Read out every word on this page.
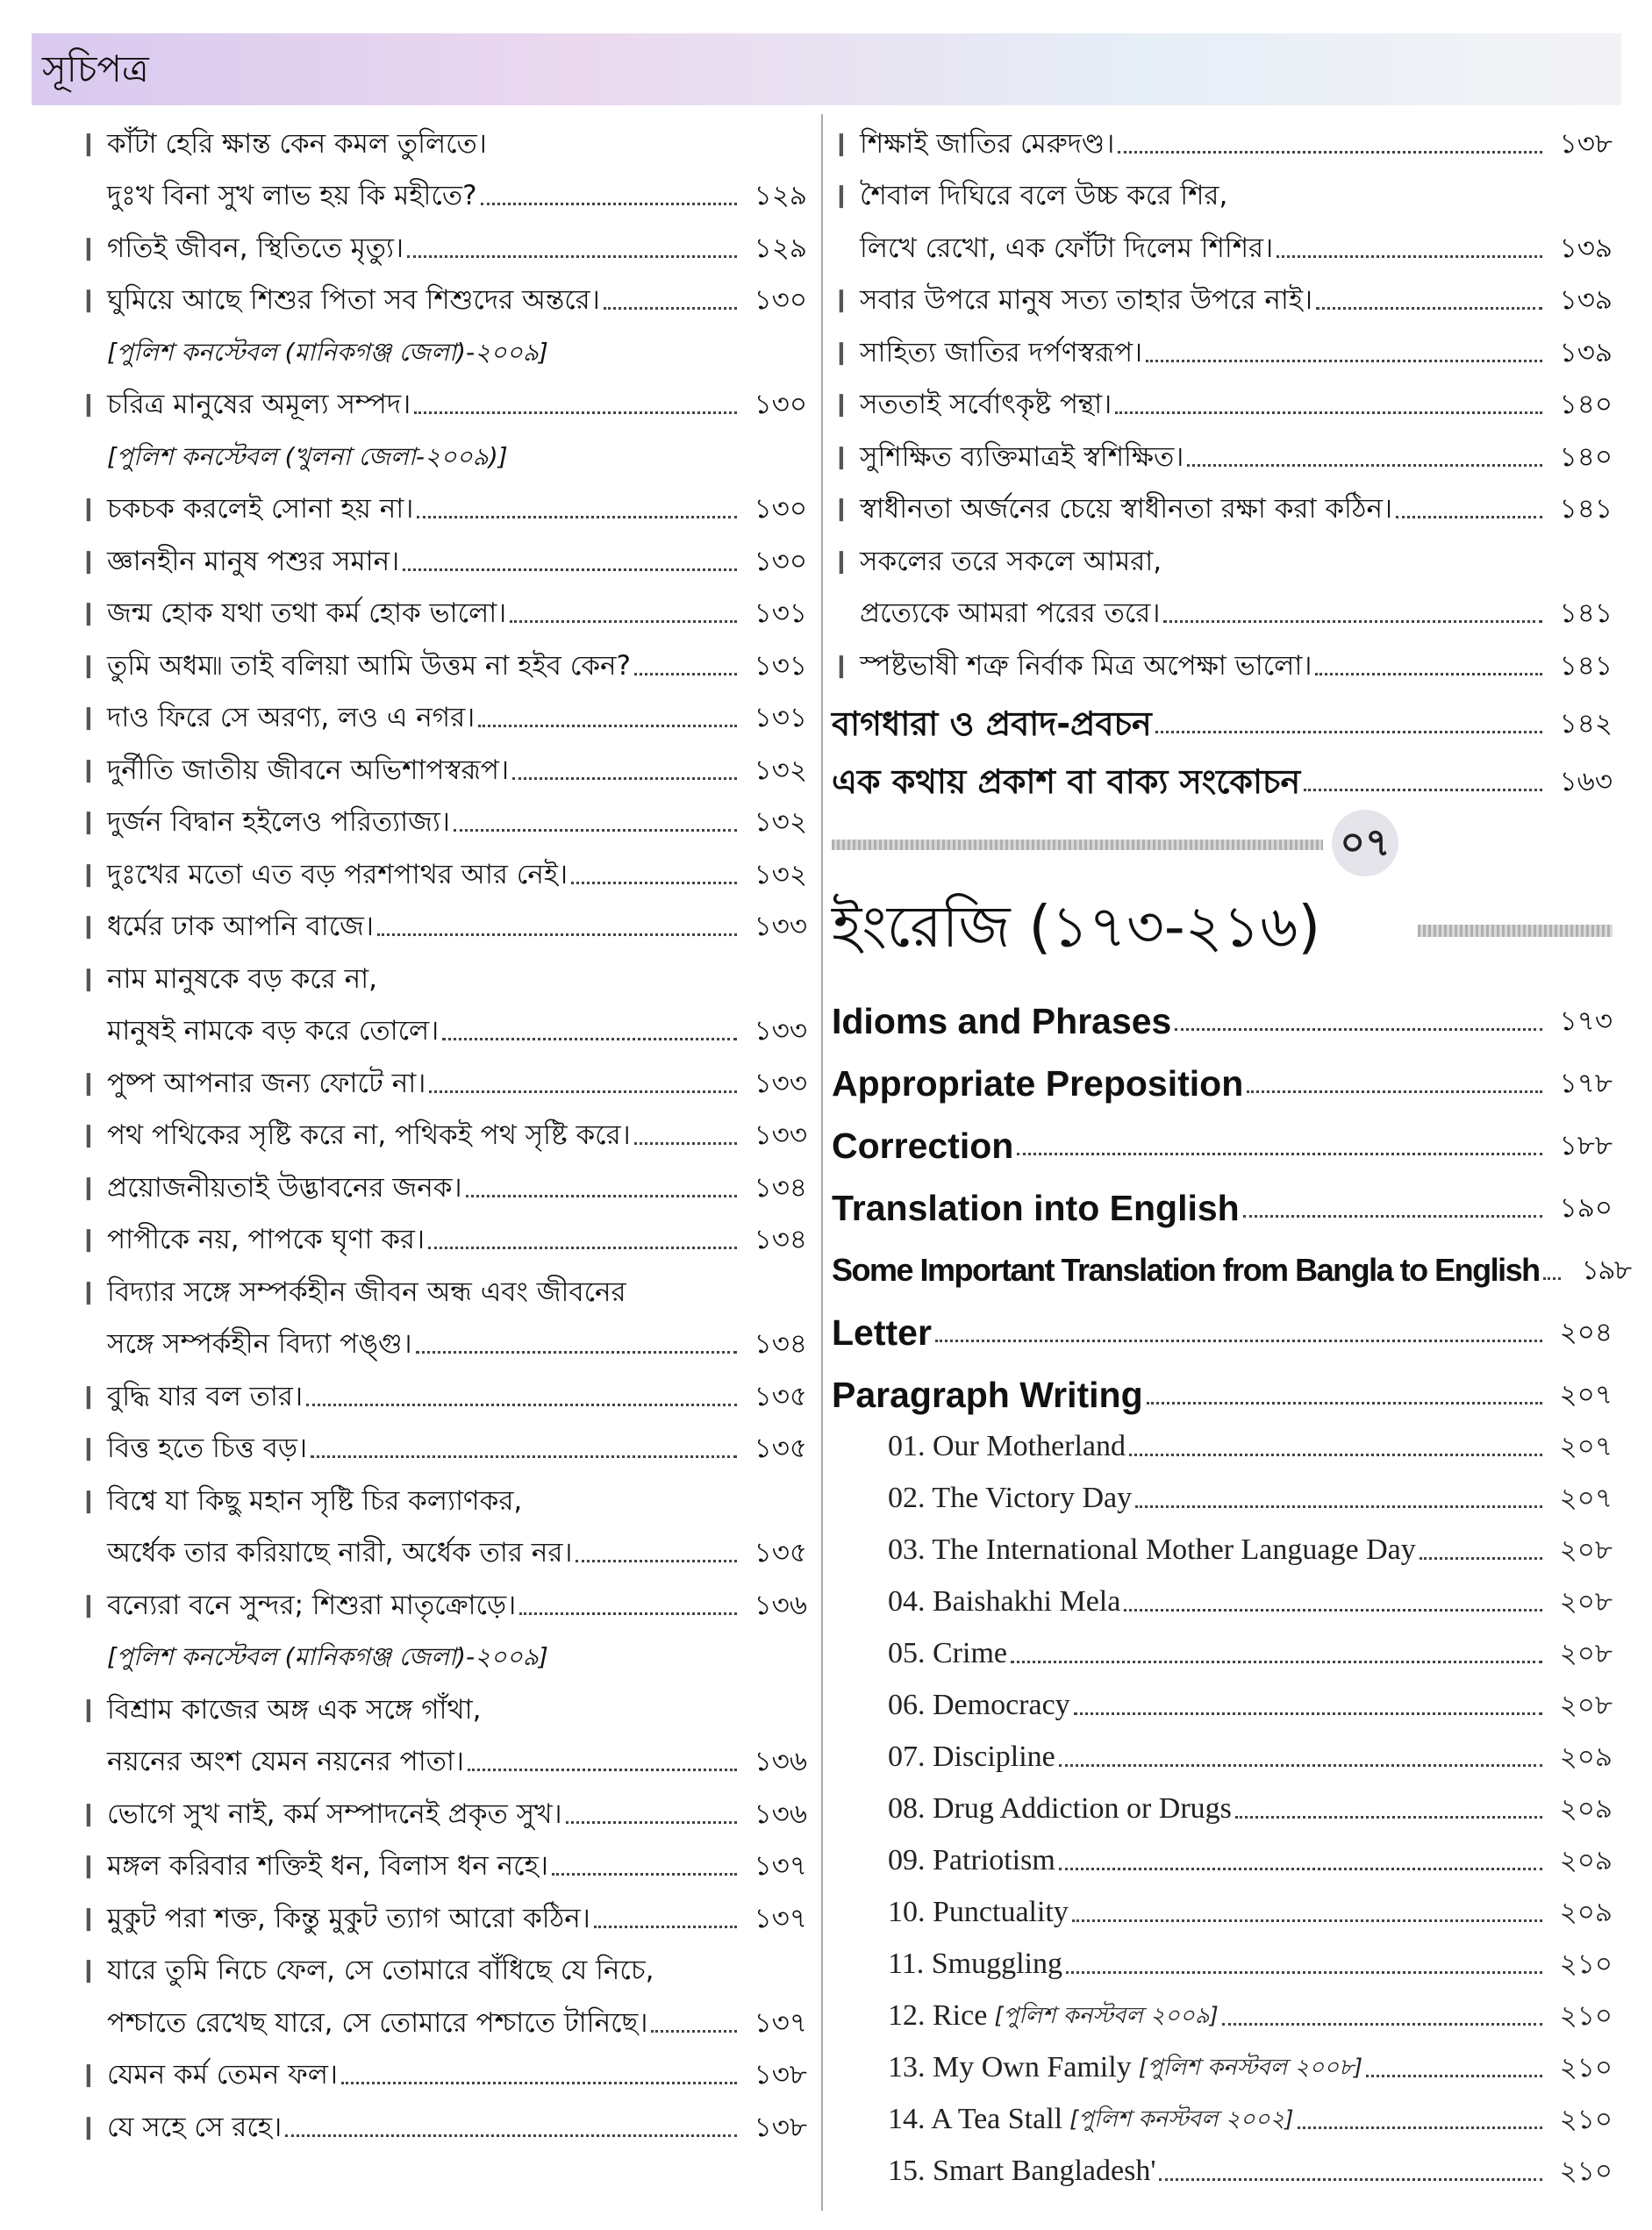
সূচিপত্র
❙ কাঁটা হেরি ক্ষান্ত কেন কমল তুলিতে।
দুঃখ বিনা সুখ লাভ হয় কি মহীতে?	১২৯
❙ গতিই জীবন, স্থিতিতে মৃত্যু।	১২৯
❙ ঘুমিয়ে আছে শিশুর পিতা সব শিশুদের অন্তরে।	১৩০
[পুলিশ কনস্টেবল (মানিকগঞ্জ জেলা)-২০০৯]
❙ চরিত্র মানুষের অমূল্য সম্পদ।	১৩০
[পুলিশ কনস্টেবল (খুলনা জেলা-২০০৯)]
❙ চকচক করলেই সোনা হয় না।	১৩০
❙ জ্ঞানহীন মানুষ পশুর সমান।	১৩০
❙ জন্ম হোক যথা তথা কর্ম হোক ভালো।	১৩১
❙ তুমি অধম৷৷ তাই বলিয়া আমি উত্তম না হইব কেন?	১৩১
❙ দাও ফিরে সে অরণ্য, লও এ নগর।	১৩১
❙ দুর্নীতি জাতীয় জীবনে অভিশাপস্বরূপ।	১৩২
❙ দুর্জন বিদ্বান হইলেও পরিত্যাজ্য।	১৩২
❙ দুঃখের মতো এত বড় পরশপাথর আর নেই।	১৩২
❙ ধর্মের ঢাক আপনি বাজে।	১৩৩
❙ নাম মানুষকে বড় করে না,
মানুষই নামকে বড় করে তোলে।	১৩৩
❙ পুষ্প আপনার জন্য ফোটে না।	১৩৩
❙ পথ পথিকের সৃষ্টি করে না, পথিকই পথ সৃষ্টি করে।	১৩৩
❙ প্রয়োজনীয়তাই উদ্ভাবনের জনক।	১৩৪
❙ পাপীকে নয়, পাপকে ঘৃণা কর।	১৩৪
❙ বিদ্যার সঙ্গে সম্পর্কহীন জীবন অন্ধ এবং জীবনের
সঙ্গে সম্পর্কহীন বিদ্যা পঙ্গু।	১৩৪
❙ বুদ্ধি যার বল তার।	১৩৫
❙ বিত্ত হতে চিত্ত বড়।	১৩৫
❙ বিশ্বে যা কিছু মহান সৃষ্টি চির কল্যাণকর,
অর্ধেক তার করিয়াছে নারী, অর্ধেক তার নর।	১৩৫
❙ বন্যেরা বনে সুন্দর; শিশুরা মাতৃক্রোড়ে।	১৩৬
[পুলিশ কনস্টেবল (মানিকগঞ্জ জেলা)-২০০৯]
❙ বিশ্রাম কাজের অঙ্গ এক সঙ্গে গাঁথা,
নয়নের অংশ যেমন নয়নের পাতা।	১৩৬
❙ ভোগে সুখ নাই, কর্ম সম্পাদনেই প্রকৃত সুখ।	১৩৬
❙ মঙ্গল করিবার শক্তিই ধন, বিলাস ধন নহে।	১৩৭
❙ মুকুট পরা শক্ত, কিন্তু মুকুট ত্যাগ আরো কঠিন।	১৩৭
❙ যারে তুমি নিচে ফেল, সে তোমারে বাঁধিছে যে নিচে,
পশ্চাতে রেখেছ যারে, সে তোমারে পশ্চাতে টানিছে।	১৩৭
❙ যেমন কর্ম তেমন ফল।	১৩৮
❙ যে সহে সে রহে।	১৩৮
❙ শিক্ষাই জাতির মেরুদণ্ড।	১৩৮
❙ শৈবাল দিঘিরে বলে উচ্চ করে শির,
লিখে রেখো, এক ফোঁটা দিলেম শিশির।	১৩৯
❙ সবার উপরে মানুষ সত্য তাহার উপরে নাই।	১৩৯
❙ সাহিত্য জাতির দর্পণস্বরূপ।	১৩৯
❙ সততাই সর্বোৎকৃষ্ট পন্থা।	১৪০
❙ সুশিক্ষিত ব্যক্তিমাত্রই স্বশিক্ষিত।	১৪০
❙ স্বাধীনতা অর্জনের চেয়ে স্বাধীনতা রক্ষা করা কঠিন।	১৪১
❙ সকলের তরে সকলে আমরা,
প্রত্যেকে আমরা পরের তরে।	১৪১
❙ স্পষ্টভাষী শত্রু নির্বাক মিত্র অপেক্ষা ভালো।	১৪১
বাগধারা ও প্রবাদ-প্রবচন	১৪২
এক কথায় প্রকাশ বা বাক্য সংকোচন	১৬৩
০৭
ইংরেজি (১৭৩-২১৬)
Idioms and Phrases	১৭৩
Appropriate Preposition	১৭৮
Correction	১৮৮
Translation into English	১৯০
Some Important Translation from Bangla to English	১৯৮
Letter	২০৪
Paragraph Writing	২০৭
01. Our Motherland	২০৭
02. The Victory Day	২০৭
03. The International Mother Language Day	২০৮
04. Baishakhi Mela	২০৮
05. Crime	২০৮
06. Democracy	২০৮
07. Discipline	২০৯
08. Drug Addiction or Drugs	২০৯
09. Patriotism	২০৯
10. Punctuality	২০৯
11. Smuggling	২১০
12. Rice [পুলিশ কনস্টবল ২০০৯]	২১০
13. My Own Family [পুলিশ কনস্টবল ২০০৮]	২১০
14. A Tea Stall [পুলিশ কনস্টবল ২০০২]	২১০
15. Smart Bangladesh'	২১০
